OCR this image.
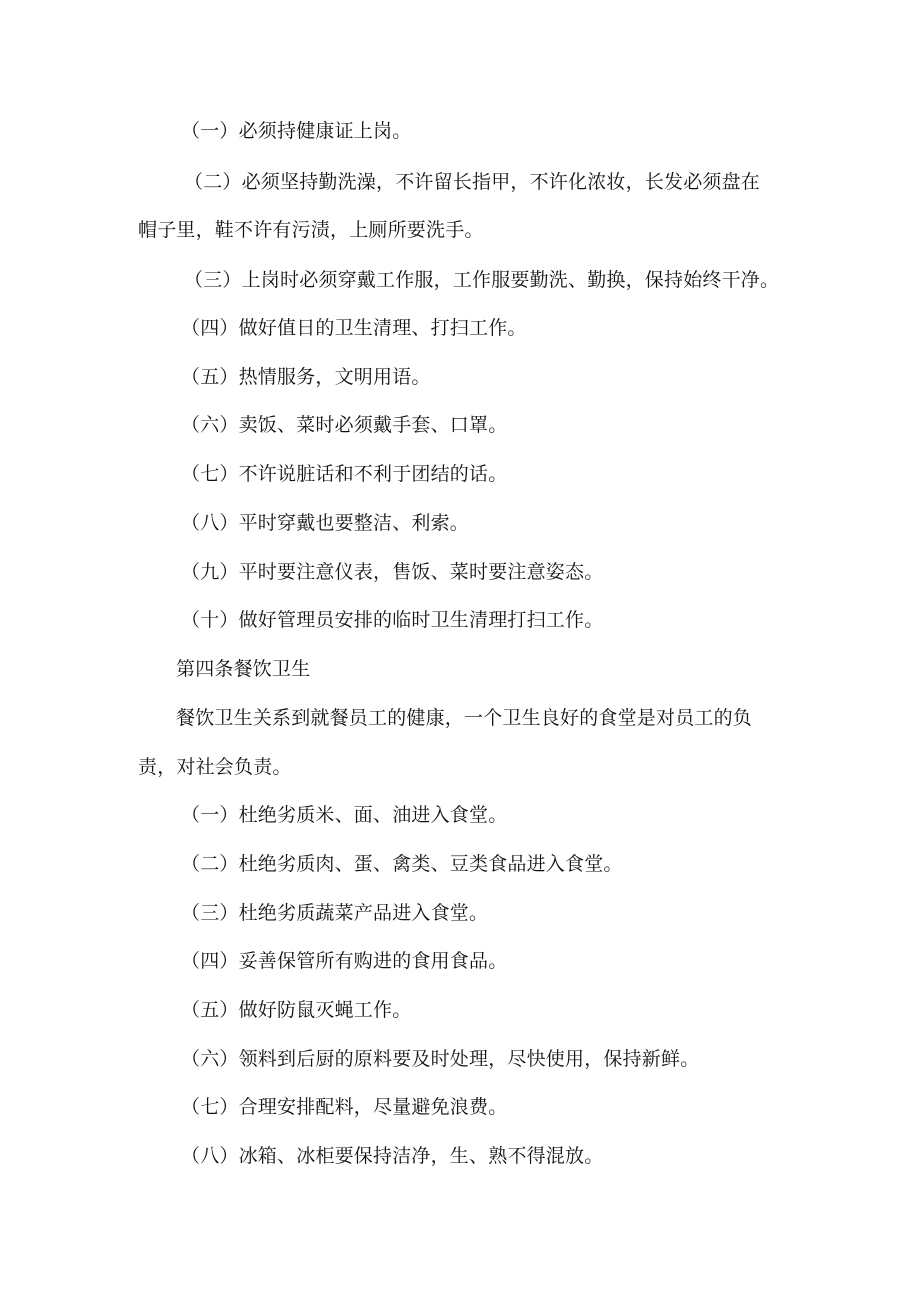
（一）必须持健康证上岗。
（二）必须坚持勤洗澡，不许留长指甲，不许化浓妆，长发必须盘在
帽子里，鞋不许有污渍，上厕所要洗手。
（三）上岗时必须穿戴工作服，工作服要勤洗、勤换，保持始终干净。
（四）做好值日的卫生清理、打扫工作。
（五）热情服务，文明用语。
（六）卖饭、菜时必须戴手套、口罩。
（七）不许说脏话和不利于团结的话。
（八）平时穿戴也要整洁、利索。
（九）平时要注意仪表，售饭、菜时要注意姿态。
（十）做好管理员安排的临时卫生清理打扫工作。
第四条餐饮卫生
餐饮卫生关系到就餐员工的健康，一个卫生良好的食堂是对员工的负
责，对社会负责。
（一）杜绝劣质米、面、油进入食堂。
（二）杜绝劣质肉、蛋、禽类、豆类食品进入食堂。
（三）杜绝劣质蔬菜产品进入食堂。
（四）妥善保管所有购进的食用食品。
（五）做好防鼠灭蝇工作。
（六）领料到后厨的原料要及时处理，尽快使用，保持新鲜。
（七）合理安排配料，尽量避免浪费。
（八）冰箱、冰柜要保持洁净，生、熟不得混放。
